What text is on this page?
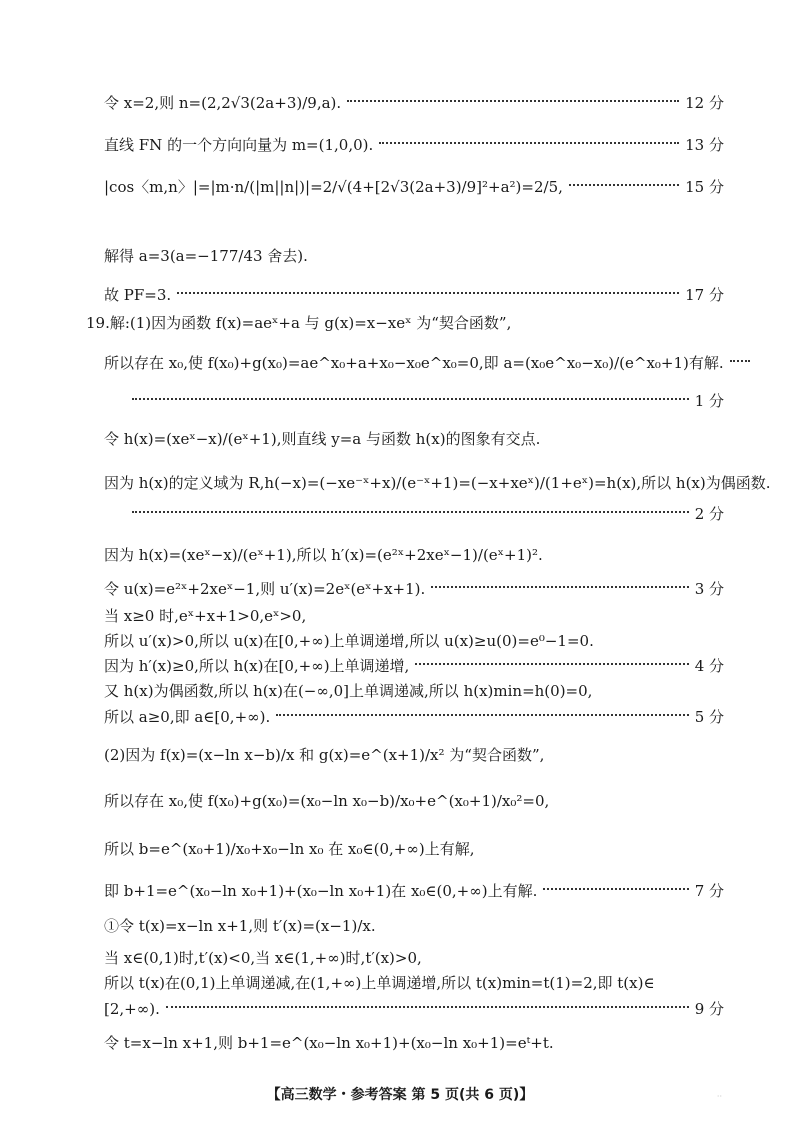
令 x=2,则 n=(2,2√3(2a+3)/9,a).	12 分
直线 FN 的一个方向向量为 m=(1,0,0).	13 分
|cos〈m,n〉|=|m·n/(|m||n|)|=2/√(4+[2√3(2a+3)/9]²+a²)=2/5,	15 分
解得 a=3(a=−177/43 舍去).
故 PF=3.	17 分
19.解:(1)因为函数 f(x)=aeˣ+a 与 g(x)=x−xeˣ 为“契合函数”,
所以存在 x₀,使 f(x₀)+g(x₀)=ae^x₀+a+x₀−x₀e^x₀=0,即 a=(x₀e^x₀−x₀)/(e^x₀+1)有解.
1 分
令 h(x)=(xeˣ−x)/(eˣ+1),则直线 y=a 与函数 h(x)的图象有交点.
因为 h(x)的定义域为 R,h(−x)=(−xe⁻ˣ+x)/(e⁻ˣ+1)=(−x+xeˣ)/(1+eˣ)=h(x),所以 h(x)为偶函数.
2 分
因为 h(x)=(xeˣ−x)/(eˣ+1),所以 h′(x)=(e²ˣ+2xeˣ−1)/(eˣ+1)².
令 u(x)=e²ˣ+2xeˣ−1,则 u′(x)=2eˣ(eˣ+x+1).	3 分
当 x≥0 时,eˣ+x+1>0,eˣ>0,
所以 u′(x)>0,所以 u(x)在[0,+∞)上单调递增,所以 u(x)≥u(0)=e⁰−1=0.
因为 h′(x)≥0,所以 h(x)在[0,+∞)上单调递增,	4 分
又 h(x)为偶函数,所以 h(x)在(−∞,0]上单调递减,所以 h(x)min=h(0)=0,
所以 a≥0,即 a∈[0,+∞).	5 分
(2)因为 f(x)=(x−ln x−b)/x 和 g(x)=e^(x+1)/x² 为“契合函数”,
所以存在 x₀,使 f(x₀)+g(x₀)=(x₀−ln x₀−b)/x₀+e^(x₀+1)/x₀²=0,
所以 b=e^(x₀+1)/x₀+x₀−ln x₀ 在 x₀∈(0,+∞)上有解,
即 b+1=e^(x₀−ln x₀+1)+(x₀−ln x₀+1)在 x₀∈(0,+∞)上有解.	7 分
①令 t(x)=x−ln x+1,则 t′(x)=(x−1)/x.
当 x∈(0,1)时,t′(x)<0,当 x∈(1,+∞)时,t′(x)>0,
所以 t(x)在(0,1)上单调递减,在(1,+∞)上单调递增,所以 t(x)min=t(1)=2,即 t(x)∈
[2,+∞).	9 分
令 t=x−ln x+1,则 b+1=e^(x₀−ln x₀+1)+(x₀−ln x₀+1)=eᵗ+t.
【高三数学・参考答案 第 5 页(共 6 页)】	··
